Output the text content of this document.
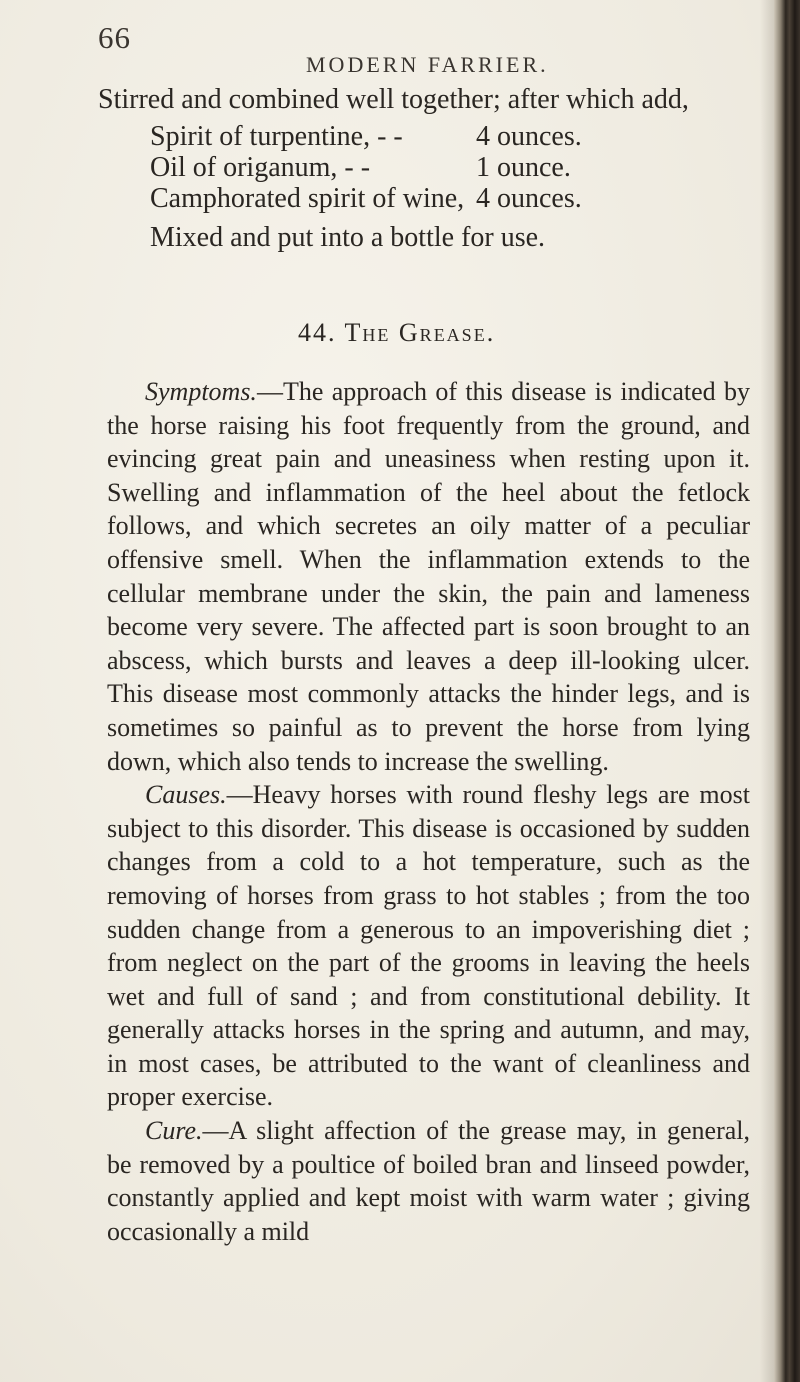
66
MODERN FARRIER.
Stirred and combined well together; after which add,
Spirit of turpentine, - -	4 ounces.
Oil of origanum, - -	1 ounce.
Camphorated spirit of wine, 4 ounces.
Mixed and put into a bottle for use.
44. The Grease.

Symptoms.—The approach of this disease is indicated by the horse raising his foot frequently from the ground, and evincing great pain and uneasiness when resting upon it. Swelling and inflammation of the heel about the fetlock follows, and which secretes an oily matter of a peculiar offensive smell. When the inflammation extends to the cellular membrane under the skin, the pain and lameness become very severe. The affected part is soon brought to an abscess, which bursts and leaves a deep ill-looking ulcer. This disease most commonly attacks the hinder legs, and is sometimes so painful as to prevent the horse from lying down, which also tends to increase the swelling.

Causes.—Heavy horses with round fleshy legs are most subject to this disorder. This disease is occasioned by sudden changes from a cold to a hot temperature, such as the removing of horses from grass to hot stables ; from the too sudden change from a generous to an impoverishing diet ; from neglect on the part of the grooms in leaving the heels wet and full of sand ; and from constitutional debility. It generally attacks horses in the spring and autumn, and may, in most cases, be attributed to the want of cleanliness and proper exercise.

Cure.—A slight affection of the grease may, in general, be removed by a poultice of boiled bran and linseed powder, constantly applied and kept moist with warm water ; giving occasionally a mild
